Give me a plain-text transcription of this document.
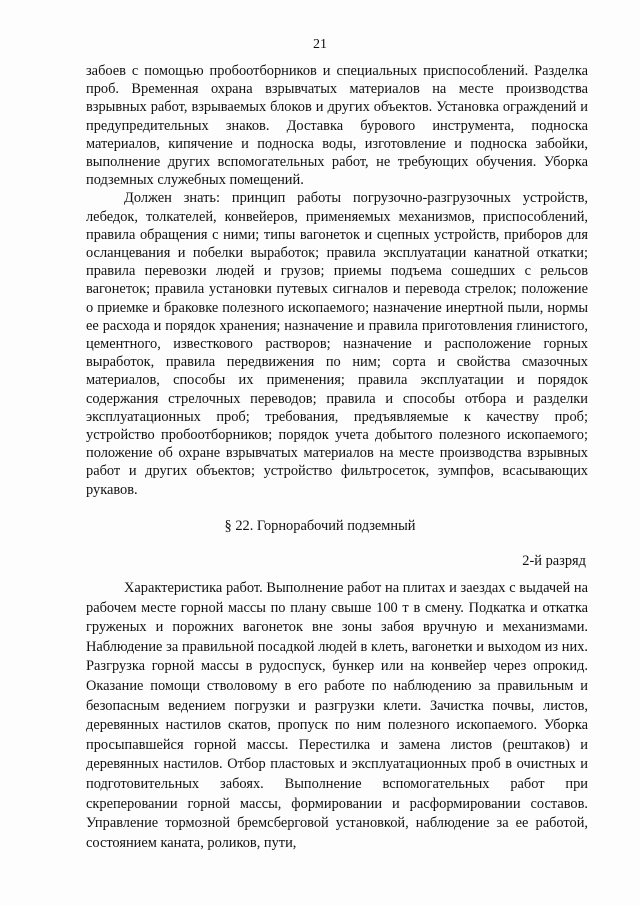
21

забоев с помощью пробоотборников и специальных приспособлений. Разделка проб. Временная охрана взрывчатых материалов на месте производства взрывных работ, взрываемых блоков и других объектов. Установка ограждений и предупредительных знаков. Доставка бурового инструмента, подноска материалов, кипячение и подноска воды, изготовление и подноска забойки, выполнение других вспомогательных работ, не требующих обучения. Уборка подземных служебных помещений.

Должен знать: принцип работы погрузочно-разгрузочных устройств, лебедок, толкателей, конвейеров, применяемых механизмов, приспособлений, правила обращения с ними; типы вагонеток и сцепных устройств, приборов для осланцевания и побелки выработок; правила эксплуатации канатной откатки; правила перевозки людей и грузов; приемы подъема сошедших с рельсов вагонеток; правила установки путевых сигналов и перевода стрелок; положение о приемке и браковке полезного ископаемого; назначение инертной пыли, нормы ее расхода и порядок хранения; назначение и правила приготовления глинистого, цементного, известкового растворов; назначение и расположение горных выработок, правила передвижения по ним; сорта и свойства смазочных материалов, способы их применения; правила эксплуатации и порядок содержания стрелочных переводов; правила и способы отбора и разделки эксплуатационных проб; требования, предъявляемые к качеству проб; устройство пробоотборников; порядок учета добытого полезного ископаемого; положение об охране взрывчатых материалов на месте производства взрывных работ и других объектов; устройство фильтросеток, зумпфов, всасывающих рукавов.

§ 22. Горнорабочий подземный

2-й разряд

Характеристика работ. Выполнение работ на плитах и заездах с выдачей на рабочем месте горной массы по плану свыше 100 т в смену. Подкатка и откатка груженых и порожних вагонеток вне зоны забоя вручную и механизмами. Наблюдение за правильной посадкой людей в клеть, вагонетки и выходом из них. Разгрузка горной массы в рудоспуск, бункер или на конвейер через опрокид. Оказание помощи стволовому в его работе по наблюдению за правильным и безопасным ведением погрузки и разгрузки клети. Зачистка почвы, листов, деревянных настилов скатов, пропуск по ним полезного ископаемого. Уборка просыпавшейся горной массы. Перестилка и замена листов (рештаков) и деревянных настилов. Отбор пластовых и эксплуатационных проб в очистных и подготовительных забоях. Выполнение вспомогательных работ при скреперовании горной массы, формировании и расформировании составов. Управление тормозной бремсберговой установкой, наблюдение за ее работой, состоянием каната, роликов, пути,
